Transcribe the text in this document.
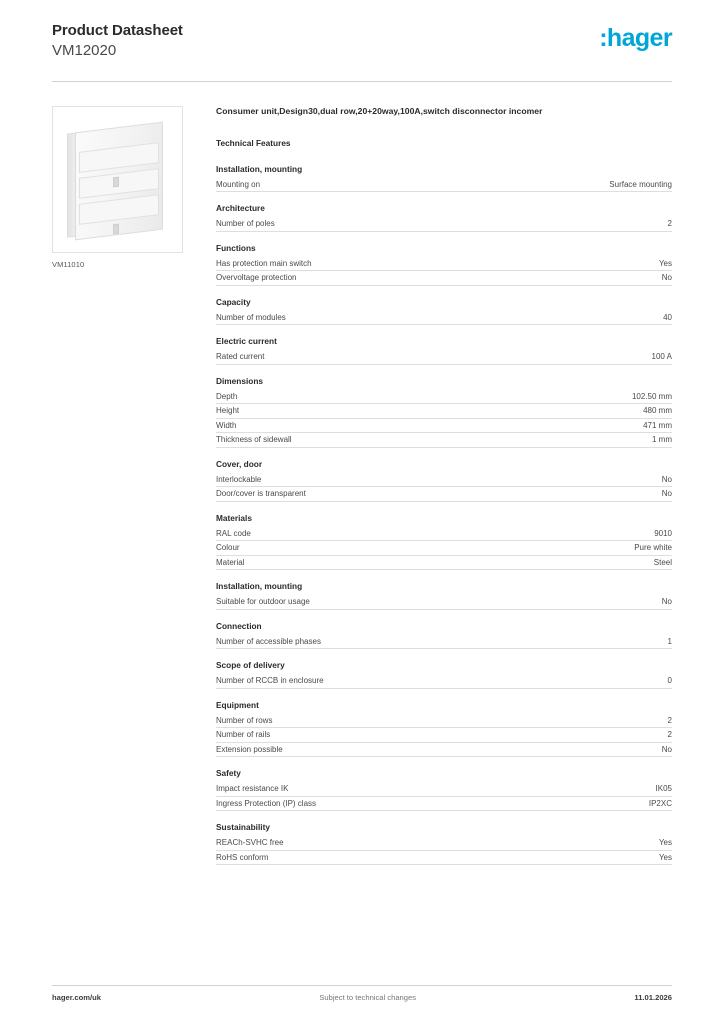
Product Datasheet
VM12020	:hager
VM11010
Consumer unit,Design30,dual row,20+20way,100A,switch disconnector incomer
Technical Features
Installation, mounting
Mounting on	Surface mounting
Architecture
Number of poles	2
Functions
Has protection main switch	Yes
Overvoltage protection	No
Capacity
Number of modules	40
Electric current
Rated current	100 A
Dimensions
Depth	102.50 mm
Height	480 mm
Width	471 mm
Thickness of sidewall	1 mm
Cover, door
Interlockable	No
Door/cover is transparent	No
Materials
RAL code	9010
Colour	Pure white
Material	Steel
Installation, mounting
Suitable for outdoor usage	No
Connection
Number of accessible phases	1
Scope of delivery
Number of RCCB in enclosure	0
Equipment
Number of rows	2
Number of rails	2
Extension possible	No
Safety
Impact resistance IK	IK05
Ingress Protection (IP) class	IP2XC
Sustainability
REACh-SVHC free	Yes
RoHS conform	Yes
hager.com/uk	Subject to technical changes	11.01.2026
